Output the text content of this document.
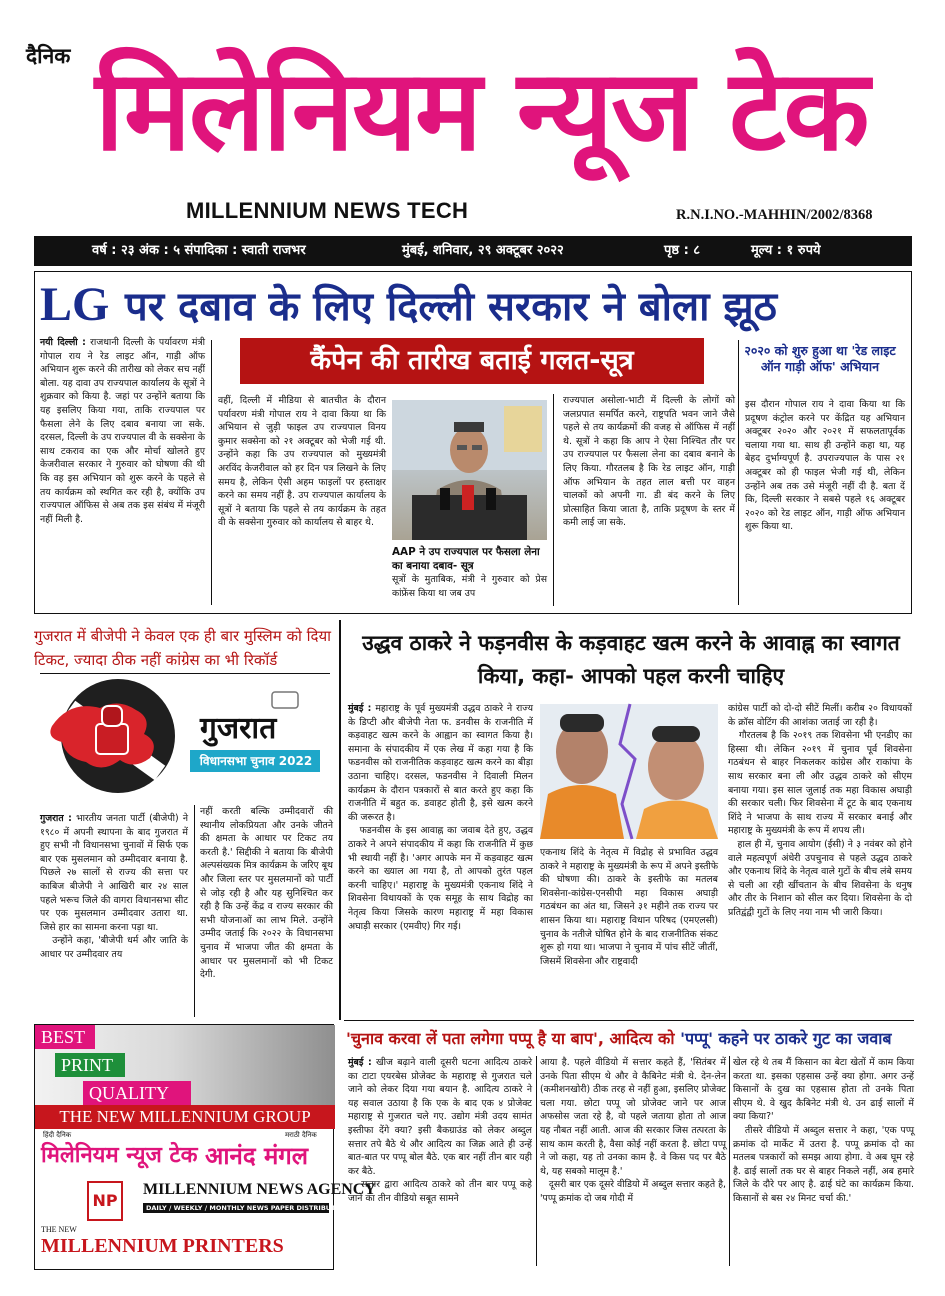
दैनिक मिलेनियम न्यूज टेक
MILLENNIUM NEWS TECH	R.N.I.NO.-MAHHIN/2002/8368
वर्ष : २३ अंक : ५ संपादिका : स्वाती राजभर	मुंबई, शनिवार, २९ अक्टूबर २०२२	पृष्ठ : ८	मूल्य : १ रुपये
LG पर दबाव के लिए दिल्ली सरकार ने बोला झूठ
कैंपेन की तारीख बताई गलत-सूत्र
नयी दिल्ली : राजधानी दिल्ली के पर्यावरण मंत्री गोपाल राय ने रेड लाइट ऑन, गाड़ी ऑफ अभियान शुरू करने की तारीख को लेकर सच नहीं बोला. यह दावा उप राज्यपाल कार्यालय के सूत्रों ने शुक्रवार को किया है. जहां पर उन्होंने बताया कि यह इसलिए किया गया, ताकि राज्यपाल पर फैसला लेने के लिए दबाव बनाया जा सके. दरसल, दिल्ली के उप राज्यपाल वी के सक्सेना के साथ टकराव का एक और मोर्चा खोलते हुए केजरीवाल सरकार ने गुरुवार को घोषणा की थी कि वह इस अभियान को शुरू करने के पहले से तय कार्यक्रम को स्थगित कर रही है, क्योंकि उप राज्यपाल ऑफिस से अब तक इस संबंध में मंजूरी नहीं मिली है.
वहीं, दिल्ली में मीडिया से बातचीत के दौरान पर्यावरण मंत्री गोपाल राय ने दावा किया था कि अभियान से जुड़ी फाइल उप राज्यपाल विनय कुमार सक्सेना को २१ अक्टूबर को भेजी गई थी. उन्होंने कहा कि उप राज्यपाल को मुख्यमंत्री अरविंद केजरीवाल को हर दिन पत्र लिखने के लिए समय है, लेकिन ऐसी अहम फाइलों पर हस्ताक्षर करने का समय नहीं है. उप राज्यपाल कार्यालय के सूत्रों ने बताया कि पहले से तय कार्यक्रम के तहत वी के सक्सेना गुरुवार को कार्यालय से बाहर थे.
AAP ने उप राज्यपाल पर फैसला लेना का बनाया दबाव- सूत्र
सूत्रों के मुताबिक, मंत्री ने गुरुवार को प्रेस कांफ्रेंस किया था जब उप
राज्यपाल असोला-भाटी में दिल्ली के लोगों को जलप्रपात समर्पित करने, राष्ट्रपति भवन जाने जैसे पहले से तय कार्यक्रमों की वजह से ऑफिस में नहीं थे. सूत्रों ने कहा कि आप ने ऐसा निश्चित तौर पर उप राज्यपाल पर फैसला लेना का दबाव बनाने के लिए किया. गौरतलब है कि रेड लाइट ऑन, गाड़ी ऑफ अभियान के तहत लाल बत्ती पर वाहन चालकों को अपनी गा. डी बंद करने के लिए प्रोत्साहित किया जाता है, ताकि प्रदूषण के स्तर में कमी लाई जा सके.
२०२० को शुरु हुआ था 'रेड लाइट ऑन गाड़ी ऑफ' अभियान
इस दौरान गोपाल राय ने दावा किया था कि प्रदूषण कंट्रोल करने पर केंद्रित यह अभियान अक्टूबर २०२० और २०२१ में सफलतापूर्वक चलाया गया था. साथ ही उन्होंने कहा था, यह बेहद दुर्भाग्यपूर्ण है. उपराज्यपाल के पास २१ अक्टूबर को ही फाइल भेजी गई थी, लेकिन उन्होंने अब तक उसे मंजूरी नहीं दी है. बता दें कि, दिल्ली सरकार ने सबसे पहले १६ अक्टूबर २०२० को रेड लाइट ऑन, गाड़ी ऑफ अभियान शुरू किया था.
गुजरात में बीजेपी ने केवल एक ही बार मुस्लिम को दिया टिकट, ज्यादा ठीक नहीं कांग्रेस का भी रिकॉर्ड
गुजरात
विधानसभा चुनाव 2022
गुजरात : भारतीय जनता पार्टी (बीजेपी) ने १९८० में अपनी स्थापना के बाद गुजरात में हुए सभी नौ विधानसभा चुनावों में सिर्फ एक बार एक मुसलमान को उम्मीदवार बनाया है. पिछले २७ सालों से राज्य की सत्ता पर काबिज बीजेपी ने आखिरी बार २४ साल पहले भरूच जिले की वागरा विधानसभा सीट पर एक मुसलमान उम्मीदवार उतारा था. जिसे हार का सामना करना पड़ा था.
उन्होंने कहा, 'बीजेपी धर्म और जाति के आधार पर उम्मीदवार तय
नहीं करती बल्कि उम्मीदवारों की स्थानीय लोकप्रियता और उनके जीतने की क्षमता के आधार पर टिकट तय करती है.' सिद्दीकी ने बताया कि बीजेपी अल्पसंख्यक मित्र कार्यक्रम के जरिए बूथ और जिला स्तर पर मुसलमानों को पार्टी से जोड़ रही है और यह सुनिश्चित कर रही है कि उन्हें केंद्र व राज्य सरकार की सभी योजनाओं का लाभ मिले. उन्होंने उम्मीद जताई कि २०२२ के विधानसभा चुनाव में भाजपा जीत की क्षमता के आधार पर मुसलमानों को भी टिकट देगी.
उद्धव ठाकरे ने फड़नवीस के कड़वाहट खत्म करने के आवाह्न का स्वागत किया, कहा- आपको पहल करनी चाहिए
मुंबई : महाराष्ट्र के पूर्व मुख्यमंत्री उद्धव ठाकरे ने राज्य के डिप्टी और बीजेपी नेता फ. डनवीस के राजनीति में कड़वाहट खत्म करने के आह्वान का स्वागत किया है। समाना के संपादकीय में एक लेख में कहा गया है कि फडनवीस को राजनीतिक कड़वाहट खत्म करने का बीड़ा उठाना चाहिए। दरसल, फडनवीस ने दिवाली मिलन कार्यक्रम के दौरान पत्रकारों से बात करते हुए कहा कि राजनीति में बहुत क. डवाहट होती है, इसे खत्म करने की जरूरत है।
फडनवीस के इस आवाह्न का जवाब देते हुए, उद्धव ठाकरे ने अपने संपादकीय में कहा कि राजनीति में कुछ भी स्थायी नहीं है। 'अगर आपके मन में कड़वाहट खत्म करने का ख्याल आ गया है, तो आपको तुरंत पहल करनी चाहिए।' महाराष्ट्र के मुख्यमंत्री एकनाथ शिंदे ने शिवसेना विधायकों के एक समूह के साथ विद्रोह का नेतृत्व किया जिसके कारण महाराष्ट्र में महा विकास अघाड़ी सरकार (एमवीए) गिर गई।
एकनाथ शिंदे के नेतृत्व में विद्रोह से प्रभावित उद्धव ठाकरे ने महाराष्ट्र के मुख्यमंत्री के रूप में अपने इस्तीफे की घोषणा की। ठाकरे के इस्तीफे का मतलब शिवसेना-कांग्रेस-एनसीपी महा विकास अघाड़ी गठबंधन का अंत था, जिसने ३१ महीने तक राज्य पर शासन किया था। महाराष्ट्र विधान परिषद (एमएलसी) चुनाव के नतीजे घोषित होने के बाद राजनीतिक संकट शुरू हो गया था। भाजपा ने चुनाव में पांच सीटें जीतीं, जिसमें शिवसेना और राष्ट्रवादी
कांग्रेस पार्टी को दो-दो सीटें मिलीं। करीब २० विधायकों के क्रॉस वोटिंग की आशंका जताई जा रही है।
गौरतलब है कि २०१९ तक शिवसेना भी एनडीए का हिस्सा थी। लेकिन २०१९ में चुनाव पूर्व शिवसेना गठबंधन से बाहर निकलकर कांग्रेस और राकांपा के साथ सरकार बना ली और उद्धव ठाकरे को सीएम बनाया गया। इस साल जुलाई तक महा विकास अघाड़ी की सरकार चली। फिर शिवसेना में टूट के बाद एकनाथ शिंदे ने भाजपा के साथ राज्य में सरकार बनाई और महाराष्ट्र के मुख्यमंत्री के रूप में शपथ ली।
हाल ही में, चुनाव आयोग (ईसी) ने ३ नवंबर को होने वाले महत्वपूर्ण अंधेरी उपचुनाव से पहले उद्धव ठाकरे और एकनाथ शिंदे के नेतृत्व वाले गुटों के बीच लंबे समय से चली आ रही खींचतान के बीच शिवसेना के धनुष और तीर के निशान को सील कर दिया। शिवसेना के दो प्रतिद्वंद्वी गुटों के लिए नया नाम भी जारी किया।
BEST
PRINT
QUALITY
THE NEW MILLENNIUM GROUP
हिंदी दैनिक	मराठी दैनिक
मिलेनियम न्यूज टेक आनंद मंगल
NP
MILLENNIUM NEWS AGENCY
DAILY / WEEKLY / MONTHLY NEWS PAPER DISTRIBUTOR
THE NEW
MILLENNIUM PRINTERS
'चुनाव करवा लें पता लगेगा पप्पू है या बाप', आदित्य को 'पप्पू' कहने पर ठाकरे गुट का जवाब
मुंबई : खीज बढ़ाने वाली दूसरी घटना आदित्य ठाकरे का टाटा एयरबेस प्रोजेक्ट के महाराष्ट्र से गुजरात चले जाने को लेकर दिया गया बयान है. आदित्य ठाकरे ने यह सवाल उठाया है कि एक के बाद एक ४ प्रोजेक्ट महाराष्ट्र से गुजरात चले गए. उद्योग मंत्री उदय सामंत इस्तीफा देंगे क्या? इसी बैकग्राउंड को लेकर अब्दुल सत्तार तपे बैठे थे और आदित्य का जिक्र आते ही उन्हें बात-बात पर पप्पू बोल बैठे. एक बार नहीं तीन बार यही कर बैठे.
सत्तार द्वारा आदित्य ठाकरे को तीन बार पप्पू कहे जाने का तीन वीडियो सबूत सामने
आया है. पहले वीडियो में सत्तार कहते हैं, 'सितंबर में उनके पिता सीएम थे और वे कैबिनेट मंत्री थे. देन-लेन (कमीशनखोरी) ठीक तरह से नहीं हुआ, इसलिए प्रोजेक्ट चला गया. छोटा पप्पू जो प्रोजेक्ट जाने पर आज अफसोस जता रहे है, वो पहले जताया होता तो आज यह नौबत नहीं आती. आज की सरकार जिस तत्परता के साथ काम करती है, वैसा कोई नहीं करता है. छोटा पप्पू ने जो कहा, यह तो उनका काम है. वे किस पद पर बैठे थे, यह सबको मालूम है.'
दूसरी बार एक दूसरे वीडियो में अब्दुल सत्तार कहते है, 'पप्पू क्रमांक दो जब गोदी में
खेल रहे थे तब मैं किसान का बेटा खेतों में काम किया करता था. इसका एहसास उन्हें क्या होगा. अगर उन्हें किसानों के दुख का एहसास होता तो उनके पिता सीएम थे. वे खुद कैबिनेट मंत्री थे. उन ढाई सालों में क्या किया?'
तीसरे वीडियो में अब्दुल सत्तार ने कहा, 'एक पप्पू क्रमांक दो मार्केट में उतरा है. पप्पू क्रमांक दो का मतलब पत्रकारों को समझ आया होगा. वे अब घूम रहे है. ढाई सालों तक घर से बाहर निकले नहीं, अब हमारे जिले के दौरे पर आए है. ढाई घंटे का कार्यक्रम किया. किसानों से बस २४ मिनट चर्चा की.'
